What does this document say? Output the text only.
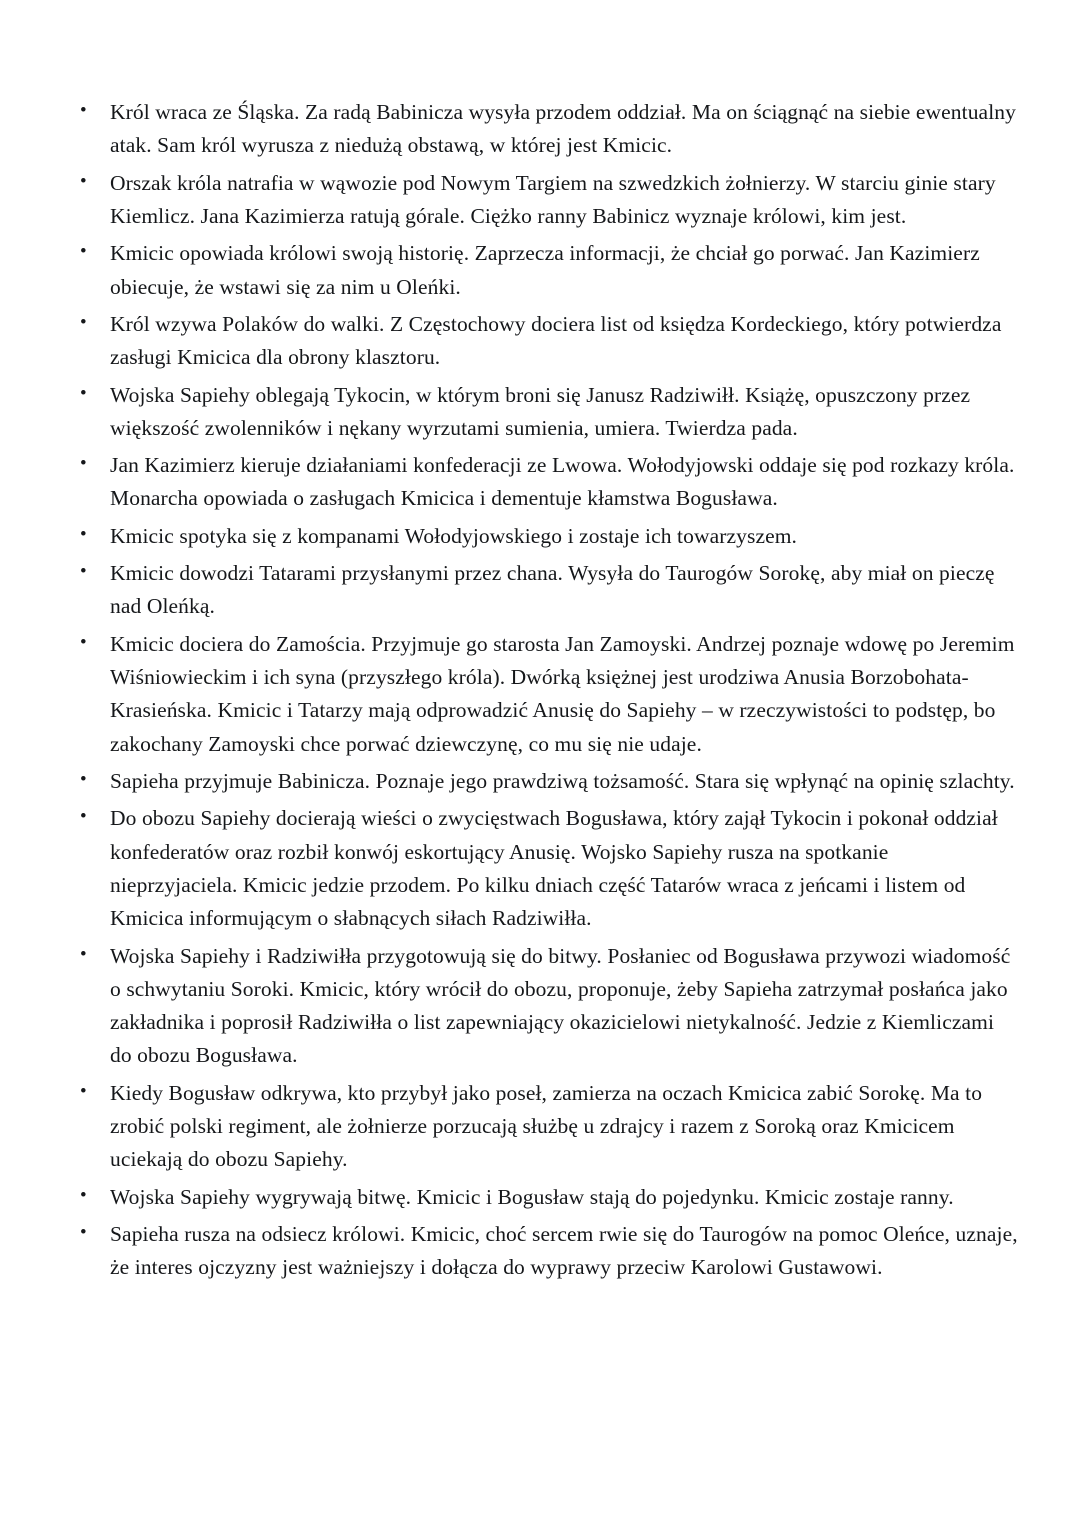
• Król wraca ze Śląska. Za radą Babinicza wysyła przodem oddział. Ma on ściągnąć na siebie ewentualny atak. Sam król wyrusza z niedużą obstawą, w której jest Kmicic.
• Orszak króla natrafia w wąwozie pod Nowym Targiem na szwedzkich żołnierzy. W starciu ginie stary Kiemlicz. Jana Kazimierza ratują górale. Ciężko ranny Babinicz wyznaje królowi, kim jest.
• Kmicic opowiada królowi swoją historię. Zaprzecza informacji, że chciał go porwać. Jan Kazimierz obiecuje, że wstawi się za nim u Oleńki.
• Król wzywa Polaków do walki. Z Częstochowy dociera list od księdza Kordeckiego, który potwierdza zasługi Kmicica dla obrony klasztoru.
• Wojska Sapiehy oblegają Tykocin, w którym broni się Janusz Radziwiłł. Książę, opuszczony przez większość zwolenników i nękany wyrzutami sumienia, umiera. Twierdza pada.
• Jan Kazimierz kieruje działaniami konfederacji ze Lwowa. Wołodyjowski oddaje się pod rozkazy króla. Monarcha opowiada o zasługach Kmicica i dementuje kłamstwa Bogusława.
• Kmicic spotyka się z kompanami Wołodyjowskiego i zostaje ich towarzyszem.
• Kmicic dowodzi Tatarami przysłanymi przez chana. Wysyła do Taurogów Sorokę, aby miał on pieczę nad Oleńką.
• Kmicic dociera do Zamościa. Przyjmuje go starosta Jan Zamoyski. Andrzej poznaje wdowę po Jeremim Wiśniowieckim i ich syna (przyszłego króla). Dwórką księżnej jest urodziwa Anusia Borzobohata-Krasieńska. Kmicic i Tatarzy mają odprowadzić Anusię do Sapiehy – w rzeczywistości to podstęp, bo zakochany Zamoyski chce porwać dziewczynę, co mu się nie udaje.
• Sapieha przyjmuje Babinicza. Poznaje jego prawdziwą tożsamość. Stara się wpłynąć na opinię szlachty.
• Do obozu Sapiehy docierają wieści o zwycięstwach Bogusława, który zajął Tykocin i pokonał oddział konfederatów oraz rozbił konwój eskortujący Anusię. Wojsko Sapiehy rusza na spotkanie nieprzyjaciela. Kmicic jedzie przodem. Po kilku dniach część Tatarów wraca z jeńcami i listem od Kmicica informującym o słabnących siłach Radziwiłła.
• Wojska Sapiehy i Radziwiłła przygotowują się do bitwy. Posłaniec od Bogusława przywozi wiadomość o schwytaniu Soroki. Kmicic, który wrócił do obozu, proponuje, żeby Sapieha zatrzymał posłańca jako zakładnika i poprosił Radziwiłła o list zapewniający okazicielowi nietykalność. Jedzie z Kiemliczami do obozu Bogusława.
• Kiedy Bogusław odkrywa, kto przybył jako poseł, zamierza na oczach Kmicica zabić Sorokę. Ma to zrobić polski regiment, ale żołnierze porzucają służbę u zdrajcy i razem z Soroką oraz Kmicicem uciekają do obozu Sapiehy.
• Wojska Sapiehy wygrywają bitwę. Kmicic i Bogusław stają do pojedynku. Kmicic zostaje ranny.
• Sapieha rusza na odsiecz królowi. Kmicic, choć sercem rwie się do Taurogów na pomoc Oleńce, uznaje, że interes ojczyzny jest ważniejszy i dołącza do wyprawy przeciw Karolowi Gustawowi.
